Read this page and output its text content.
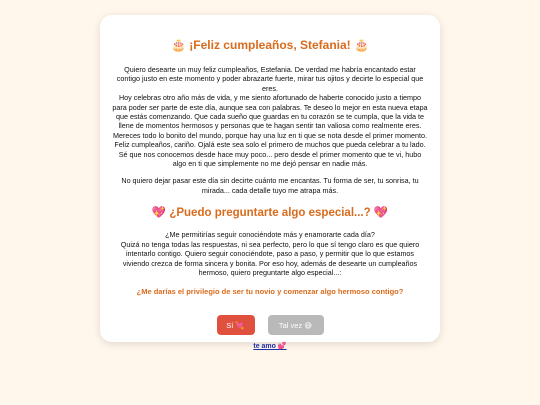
🎂 ¡Feliz cumpleaños, Stefania! 🎂

Quiero desearte un muy feliz cumpleaños, Estefania. De verdad me habría encantado estar contigo justo en este momento y poder abrazarte fuerte, mirar tus ojitos y decirte lo especial que eres.
Hoy celebras otro año más de vida, y me siento afortunado de haberte conocido justo a tiempo para poder ser parte de este día, aunque sea con palabras. Te deseo lo mejor en esta nueva etapa que estás comenzando. Que cada sueño que guardas en tu corazón se te cumpla, que la vida te llene de momentos hermosos y personas que te hagan sentir tan valiosa como realmente eres.
Mereces todo lo bonito del mundo, porque hay una luz en ti que se nota desde el primer momento. Feliz cumpleaños, cariño. Ojalá este sea solo el primero de muchos que pueda celebrar a tu lado.
Sé que nos conocemos desde hace muy poco... pero desde el primer momento que te vi, hubo algo en ti que simplemente no me dejó pensar en nadie más.

No quiero dejar pasar este día sin decirte cuánto me encantas. Tu forma de ser, tu sonrisa, tu mirada... cada detalle tuyo me atrapa más.

💖 ¿Puedo preguntarte algo especial...? 💖

¿Me permitirías seguir conociéndote más y enamorarte cada día?
Quizá no tenga todas las respuestas, ni sea perfecto, pero lo que sí tengo claro es que quiero intentarlo contigo. Quiero seguir conociéndote, paso a paso, y permitir que lo que estamos viviendo crezca de forma sincera y bonita. Por eso hoy, además de desearte un cumpleaños hermoso, quiero preguntarte algo especial...:

¿Me darías el privilegio de ser tu novio y comenzar algo hermoso contigo?

Sí 💘	Tal vez 😅
te amo 💕
